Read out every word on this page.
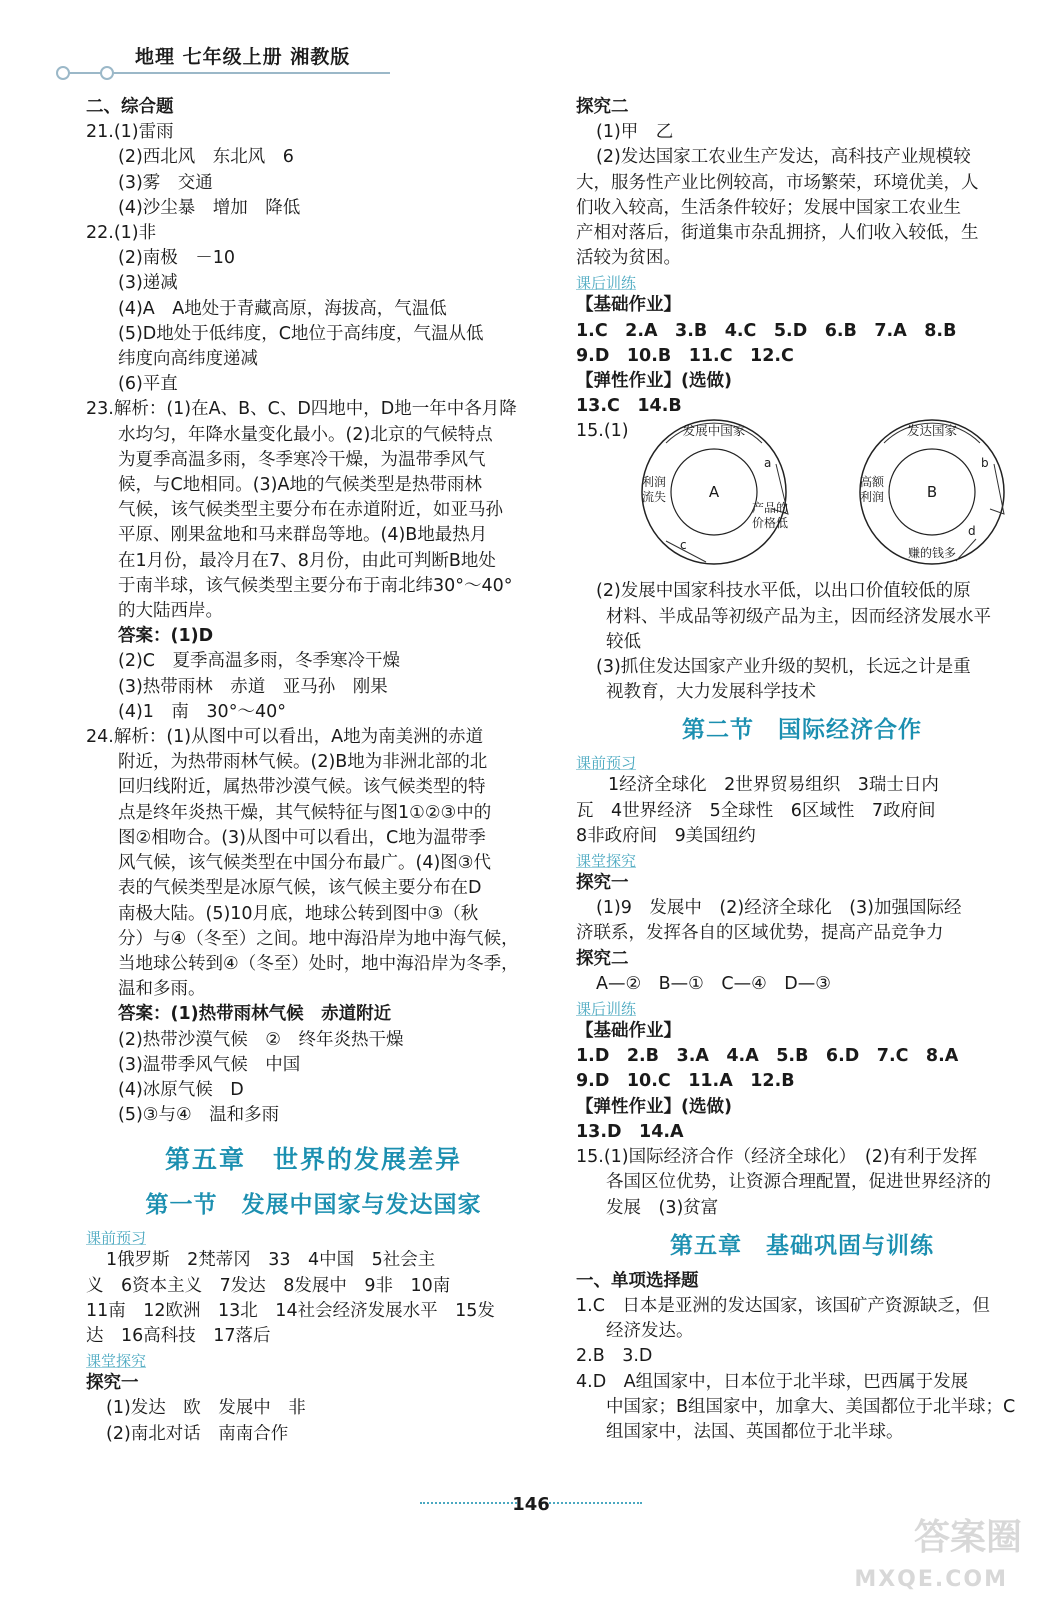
地理 七年级上册 湘教版
二、综合题
21.(1)雷雨
(2)西北风　东北风　6
(3)雾　交通
(4)沙尘暴　增加　降低
22.(1)非
(2)南极　－10
(3)递减
(4)A　A地处于青藏高原，海拔高，气温低
(5)D地处于低纬度，C地位于高纬度，气温从低
纬度向高纬度递减
(6)平直
23.解析：(1)在A、B、C、D四地中，D地一年中各月降
水均匀，年降水量变化最小。(2)北京的气候特点
为夏季高温多雨，冬季寒冷干燥，为温带季风气
候，与C地相同。(3)A地的气候类型是热带雨林
气候，该气候类型主要分布在赤道附近，如亚马孙
平原、刚果盆地和马来群岛等地。(4)B地最热月
在1月份，最冷月在7、8月份，由此可判断B地处
于南半球，该气候类型主要分布于南北纬30°～40°
的大陆西岸。
答案：(1)D
(2)C　夏季高温多雨，冬季寒冷干燥
(3)热带雨林　赤道　亚马孙　刚果
(4)1　南　30°～40°
24.解析：(1)从图中可以看出，A地为南美洲的赤道
附近，为热带雨林气候。(2)B地为非洲北部的北
回归线附近，属热带沙漠气候。该气候类型的特
点是终年炎热干燥，其气候特征与图1①②③中的
图②相吻合。(3)从图中可以看出，C地为温带季
风气候，该气候类型在中国分布最广。(4)图③代
表的气候类型是冰原气候，该气候主要分布在D
南极大陆。(5)10月底，地球公转到图中③（秋
分）与④（冬至）之间。地中海沿岸为地中海气候，
当地球公转到④（冬至）处时，地中海沿岸为冬季，
温和多雨。
答案：(1)热带雨林气候　赤道附近
(2)热带沙漠气候　②　终年炎热干燥
(3)温带季风气候　中国
(4)冰原气候　D
(5)③与④　温和多雨
第五章　世界的发展差异
第一节　发展中国家与发达国家
课前预习
1俄罗斯　2梵蒂冈　33　4中国　5社会主
义　6资本主义　7发达　8发展中　9非　10南
11南　12欧洲　13北　14社会经济发展水平　15发
达　16高科技　17落后
课堂探究
探究一
(1)发达　欧　发展中　非
(2)南北对话　南南合作
探究二
(1)甲　乙
(2)发达国家工农业生产发达，高科技产业规模较
大，服务性产业比例较高，市场繁荣，环境优美，人
们收入较高，生活条件较好；发展中国家工农业生
产相对落后，街道集市杂乱拥挤，人们收入较低，生
活较为贫困。
课后训练
【基础作业】
1.C　2.A　3.B　4.C　5.D　6.B　7.A　8.B
9.D　10.B　11.C　12.C
【弹性作业】(选做)
13.C　14.B
15.(1)
A
发展中国家
a
c
B
发达国家
b
d
赚的钱多
利润流失
产品的价格低
高额利润
(2)发展中国家科技水平低，以出口价值较低的原
材料、半成品等初级产品为主，因而经济发展水平
较低
(3)抓住发达国家产业升级的契机，长远之计是重
视教育，大力发展科学技术
第二节　国际经济合作
课前预习
1经济全球化　2世界贸易组织　3瑞士日内
瓦　4世界经济　5全球性　6区域性　7政府间
8非政府间　9美国纽约
课堂探究
探究一
(1)9　发展中　(2)经济全球化　(3)加强国际经
济联系，发挥各自的区域优势，提高产品竞争力
探究二
A—②　B—①　C—④　D—③
课后训练
【基础作业】
1.D　2.B　3.A　4.A　5.B　6.D　7.C　8.A
9.D　10.C　11.A　12.B
【弹性作业】(选做)
13.D　14.A
15.(1)国际经济合作（经济全球化）　(2)有利于发挥
各国区位优势，让资源合理配置，促进世界经济的
发展　(3)贫富
第五章　基础巩固与训练
一、单项选择题
1.C　日本是亚洲的发达国家，该国矿产资源缺乏，但
经济发达。
2.B　3.D
4.D　A组国家中，日本位于北半球，巴西属于发展
中国家；B组国家中，加拿大、美国都位于北半球；C
组国家中，法国、英国都位于北半球。
146
答案圈
MXQE.COM
